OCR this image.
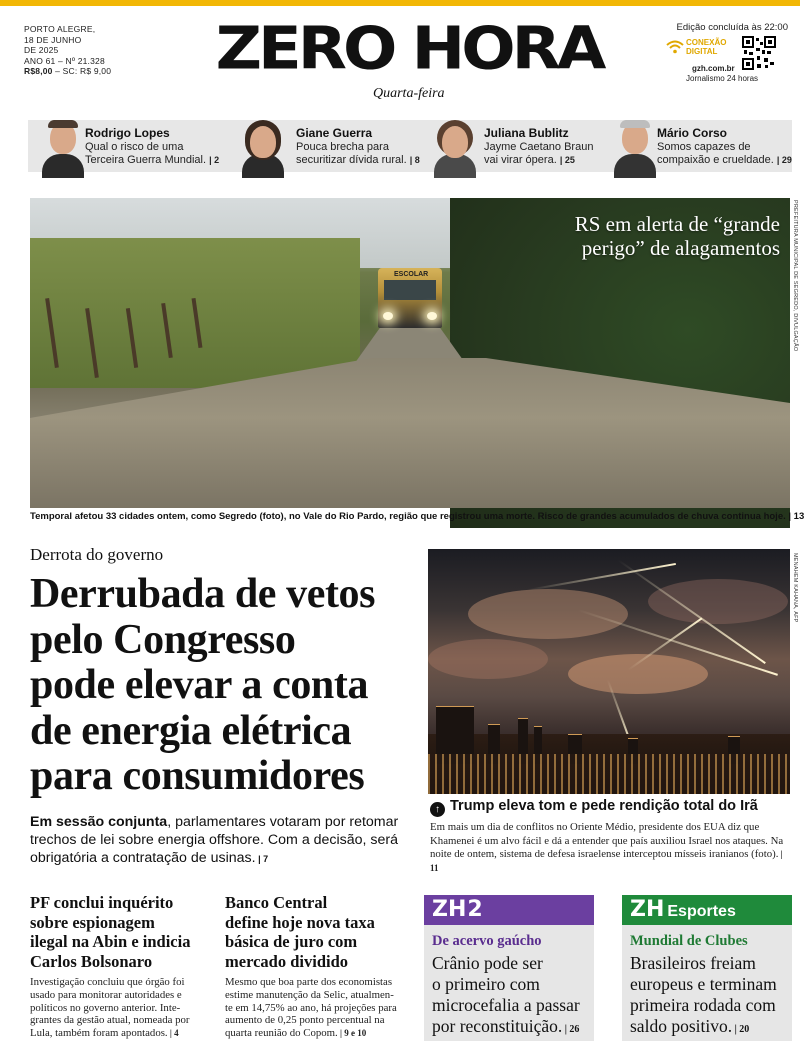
PORTO ALEGRE,
18 DE JUNHO
DE 2025
ANO 61 – Nº 21.328
R$8,00 – SC: R$ 9,00	ZERO HORA
Quarta-feira
Edição concluída às 22:00
CONEXÃO
DIGITAL
gzh.com.br
Jornalismo 24 horas
Rodrigo Lopes
Qual o risco de uma
Terceira Guerra Mundial. | 2
Giane Guerra
Pouca brecha para
securitizar dívida rural. | 8
Juliana Bublitz
Jayme Caetano Braun
vai virar ópera. | 25
Mário Corso
Somos capazes de
compaixão e crueldade. | 29
ESCOLAR
RS em alerta de “grande
perigo” de alagamentos PREFEITURA MUNICIPAL DE SEGREDO, DIVULGAÇÃO
Temporal afetou 33 cidades ontem, como Segredo (foto), no Vale do Rio Pardo, região que registrou uma morte. Risco de grandes acumulados de chuva continua hoje. | 13
Derrota do governo
Derrubada de vetos
pelo Congresso
pode elevar a conta
de energia elétrica
para consumidores
Em sessão conjunta, parlamentares votaram por retomar trechos de lei sobre energia offshore. Com a decisão, será obrigatória a contratação de usinas. | 7
MENAHEM KAHANA, AFP
↑ Trump eleva tom e pede rendição total do Irã
Em mais um dia de conflitos no Oriente Médio, presidente dos EUA diz que Khamenei é um alvo fácil e dá a entender que país auxiliou Israel nos ataques. Na noite de ontem, sistema de defesa israelense interceptou mísseis iranianos (foto). | 11
PF conclui inquérito
sobre espionagem
ilegal na Abin e indicia
Carlos Bolsonaro
Investigação concluiu que órgão foi
usado para monitorar autoridades e
políticos no governo anterior. Inte-
grantes da gestão atual, nomeada por
Lula, também foram apontados. | 4
Banco Central
define hoje nova taxa
básica de juro com
mercado dividido
Mesmo que boa parte dos economistas
estime manutenção da Selic, atualmen-
te em 14,75% ao ano, há projeções para
aumento de 0,25 ponto percentual na
quarta reunião do Copom. | 9 e 10
ZH2
De acervo gaúcho
Crânio pode ser
o primeiro com
microcefalia a passar
por reconstituição. | 26
ZH Esportes
Mundial de Clubes
Brasileiros freiam
europeus e terminam
primeira rodada com
saldo positivo. | 20
